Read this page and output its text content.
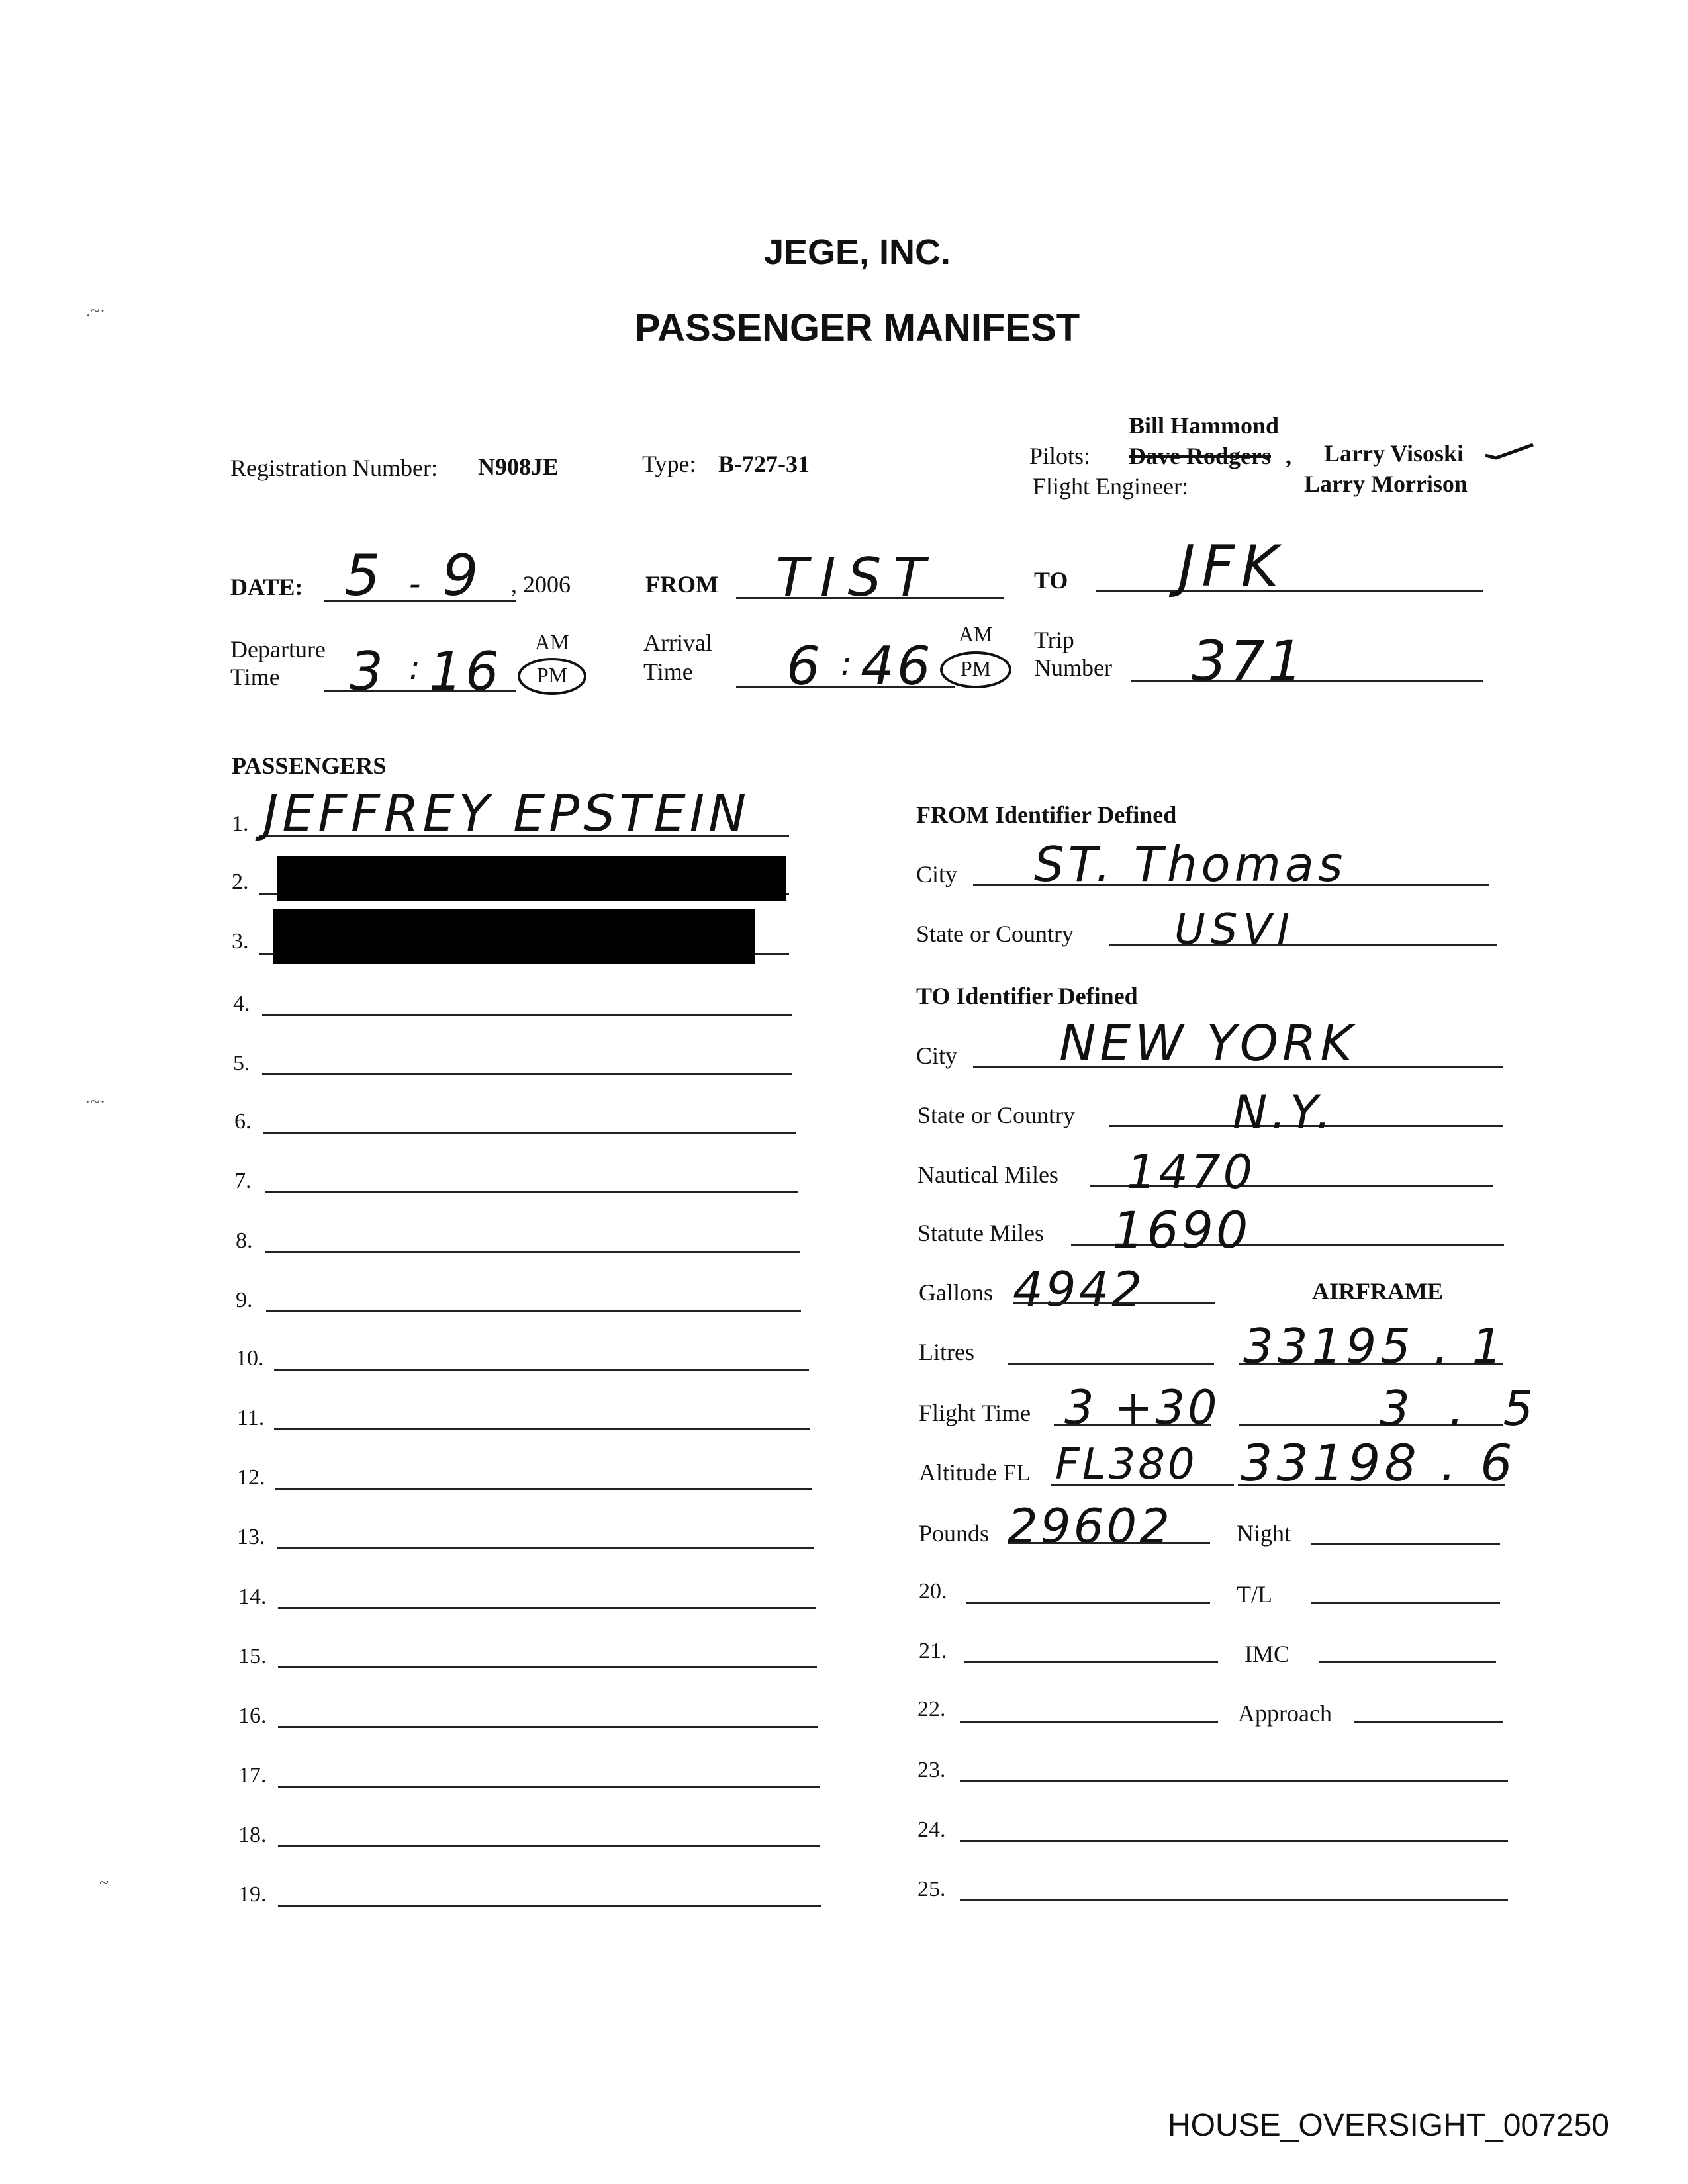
.~·
·~·
~
JEGE, INC.
PASSENGER MANIFEST
Registration Number: N908JE	Type: B-727-31
Bill Hammond
Pilots: Dave Rodgers , Larry Visoski
Flight Engineer:	Larry Morrison
DATE: 5 - 9 , 2006	FROM TIST	TO JFK
Departure
Time 3 : 16 AM
PM
Arrival
Time 6 : 46
AM
PM
Trip
Number 371
PASSENGERS
1. JEFFREY EPSTEIN
2.
3.
4.
5.
6.
7.
8.
9.
10.
11.
12.
13.
14.
15.
16.
17.
18.
19.
FROM Identifier Defined
City ST. Thomas
State or Country USVI
TO Identifier Defined
City NEW YORK
State or Country	N.Y.
Nautical Miles 1470
Statute Miles 1690
Gallons 4942	AIRFRAME
Litres	33195 . 1
Flight Time 3 +30	3 . 5
Altitude FL FL380 33198 . 6
Pounds 29602	Night
20.	T/L
21.	IMC
22.	Approach
23.
24.
25.
HOUSE_OVERSIGHT_007250
